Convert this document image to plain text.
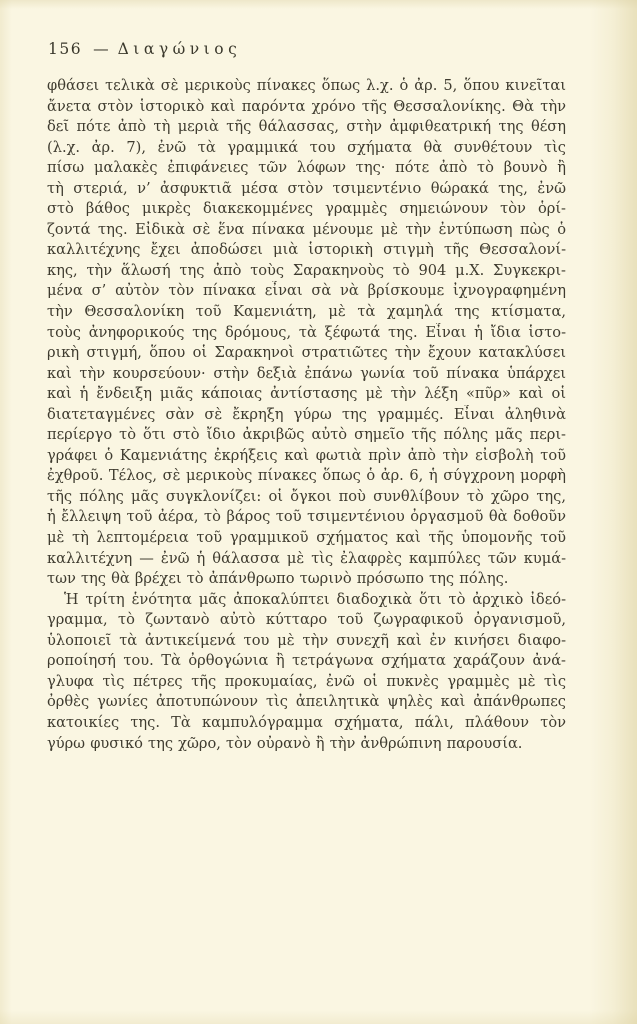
156 — Διαγώνιος
φθάσει τελικὰ σὲ μερικοὺς πίνακες ὅπως λ.χ. ὁ ἀρ. 5, ὅπου κινεῖται
ἄνετα στὸν ἱστορικὸ καὶ παρόντα χρόνο τῆς Θεσσαλονίκης. Θὰ τὴν
δεῖ πότε ἀπὸ τὴ μεριὰ τῆς θάλασσας, στὴν ἀμφιθεατρική της θέση
(λ.χ. ἀρ. 7), ἐνῶ τὰ γραμμικά του σχήματα θὰ συνθέτουν τὶς
πίσω μαλακὲς ἐπιφάνειες τῶν λόφων της· πότε ἀπὸ τὸ βουνὸ ἢ
τὴ στεριά, ν’ ἀσφυκτιᾶ μέσα στὸν τσιμεντένιο θώρακά της, ἐνῶ
στὸ βάθος μικρὲς διακεκομμένες γραμμὲς σημειώνουν τὸν ὁρί-
ζοντά της. Εἰδικὰ σὲ ἕνα πίνακα μένουμε μὲ τὴν ἐντύπωση πὼς ὁ
καλλιτέχνης ἔχει ἀποδώσει μιὰ ἱστορικὴ στιγμὴ τῆς Θεσσαλονί-
κης, τὴν ἅλωσή της ἀπὸ τοὺς Σαρακηνοὺς τὸ 904 μ.Χ. Συγκεκρι-
μένα σ’ αὐτὸν τὸν πίνακα εἶναι σὰ νὰ βρίσκουμε ἰχνογραφημένη
τὴν Θεσσαλονίκη τοῦ Καμενιάτη, μὲ τὰ χαμηλά της κτίσματα,
τοὺς ἀνηφορικούς της δρόμους, τὰ ξέφωτά της. Εἶναι ἡ ἴδια ἱστο-
ρικὴ στιγμή, ὅπου οἱ Σαρακηνοὶ στρατιῶτες τὴν ἔχουν κατακλύσει
καὶ τὴν κουρσεύουν· στὴν δεξιὰ ἐπάνω γωνία τοῦ πίνακα ὑπάρχει
καὶ ἡ ἔνδειξη μιᾶς κάποιας ἀντίστασης μὲ τὴν λέξη «πῦρ» καὶ οἱ
διατεταγμένες σὰν σὲ ἔκρηξη γύρω της γραμμές. Εἶναι ἀληθινὰ
περίεργο τὸ ὅτι στὸ ἴδιο ἀκριβῶς αὐτὸ σημεῖο τῆς πόλης μᾶς περι-
γράφει ὁ Καμενιάτης ἐκρήξεις καὶ φωτιὰ πρὶν ἀπὸ τὴν εἰσβολὴ τοῦ
ἐχθροῦ. Τέλος, σὲ μερικοὺς πίνακες ὅπως ὁ ἀρ. 6, ἡ σύγχρονη μορφὴ
τῆς πόλης μᾶς συγκλονίζει: οἱ ὄγκοι ποὺ συνθλίβουν τὸ χῶρο της,
ἡ ἔλλειψη τοῦ ἀέρα, τὸ βάρος τοῦ τσιμεντένιου ὀργασμοῦ θὰ δοθοῦν
μὲ τὴ λεπτομέρεια τοῦ γραμμικοῦ σχήματος καὶ τῆς ὑπομονῆς τοῦ
καλλιτέχνη — ἐνῶ ἡ θάλασσα μὲ τὶς ἐλαφρὲς καμπύλες τῶν κυμά-
των της θὰ βρέχει τὸ ἀπάνθρωπο τωρινὸ πρόσωπο της πόλης.
Ἡ τρίτη ἑνότητα μᾶς ἀποκαλύπτει διαδοχικὰ ὅτι τὸ ἀρχικὸ ἰδεό-
γραμμα, τὸ ζωντανὸ αὐτὸ κύτταρο τοῦ ζωγραφικοῦ ὀργανισμοῦ,
ὑλοποιεῖ τὰ ἀντικείμενά του μὲ τὴν συνεχῆ καὶ ἐν κινήσει διαφο-
ροποίησή του. Τὰ ὀρθογώνια ἢ τετράγωνα σχήματα χαράζουν ἀνά-
γλυφα τὶς πέτρες τῆς προκυμαίας, ἐνῶ οἱ πυκνὲς γραμμὲς μὲ τὶς
ὀρθὲς γωνίες ἀποτυπώνουν τὶς ἀπειλητικὰ ψηλὲς καὶ ἀπάνθρωπες
κατοικίες της. Τὰ καμπυλόγραμμα σχήματα, πάλι, πλάθουν τὸν
γύρω φυσικό της χῶρο, τὸν οὐρανὸ ἢ τὴν ἀνθρώπινη παρουσία.
